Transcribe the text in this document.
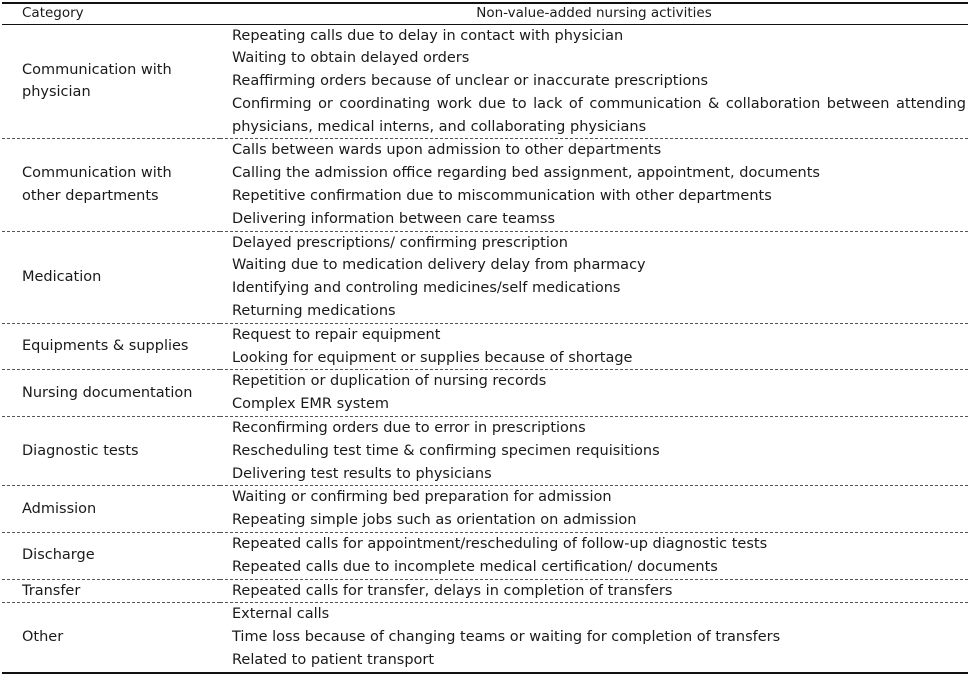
Category	Non-value-added nursing activities
Communication with physician	Repeating calls due to delay in contact with physician
Waiting to obtain delayed orders
Reaffirming orders because of unclear or inaccurate prescriptions
Confirming or coordinating work due to lack of communication & collaboration between attending physicians, medical interns, and collaborating physicians

Communication with other departments	Calls between wards upon admission to other departments
Calling the admission office regarding bed assignment, appointment, documents
Repetitive confirmation due to miscommunication with other departments
Delivering information between care teamss

Medication	Delayed prescriptions/ confirming prescription
Waiting due to medication delivery delay from pharmacy
Identifying and controling medicines/self medications
Returning medications

Equipments & supplies	Request to repair equipment
Looking for equipment or supplies because of shortage

Nursing documentation	Repetition or duplication of nursing records
Complex EMR system

Diagnostic tests	Reconfirming orders due to error in prescriptions
Rescheduling test time & confirming specimen requisitions
Delivering test results to physicians

Admission	Waiting or confirming bed preparation for admission
Repeating simple jobs such as orientation on admission

Discharge	Repeated calls for appointment/rescheduling of follow-up diagnostic tests
Repeated calls due to incomplete medical certification/ documents

Transfer	Repeated calls for transfer, delays in completion of transfers

Other	External calls
Time loss because of changing teams or waiting for completion of transfers
Related to patient transport
